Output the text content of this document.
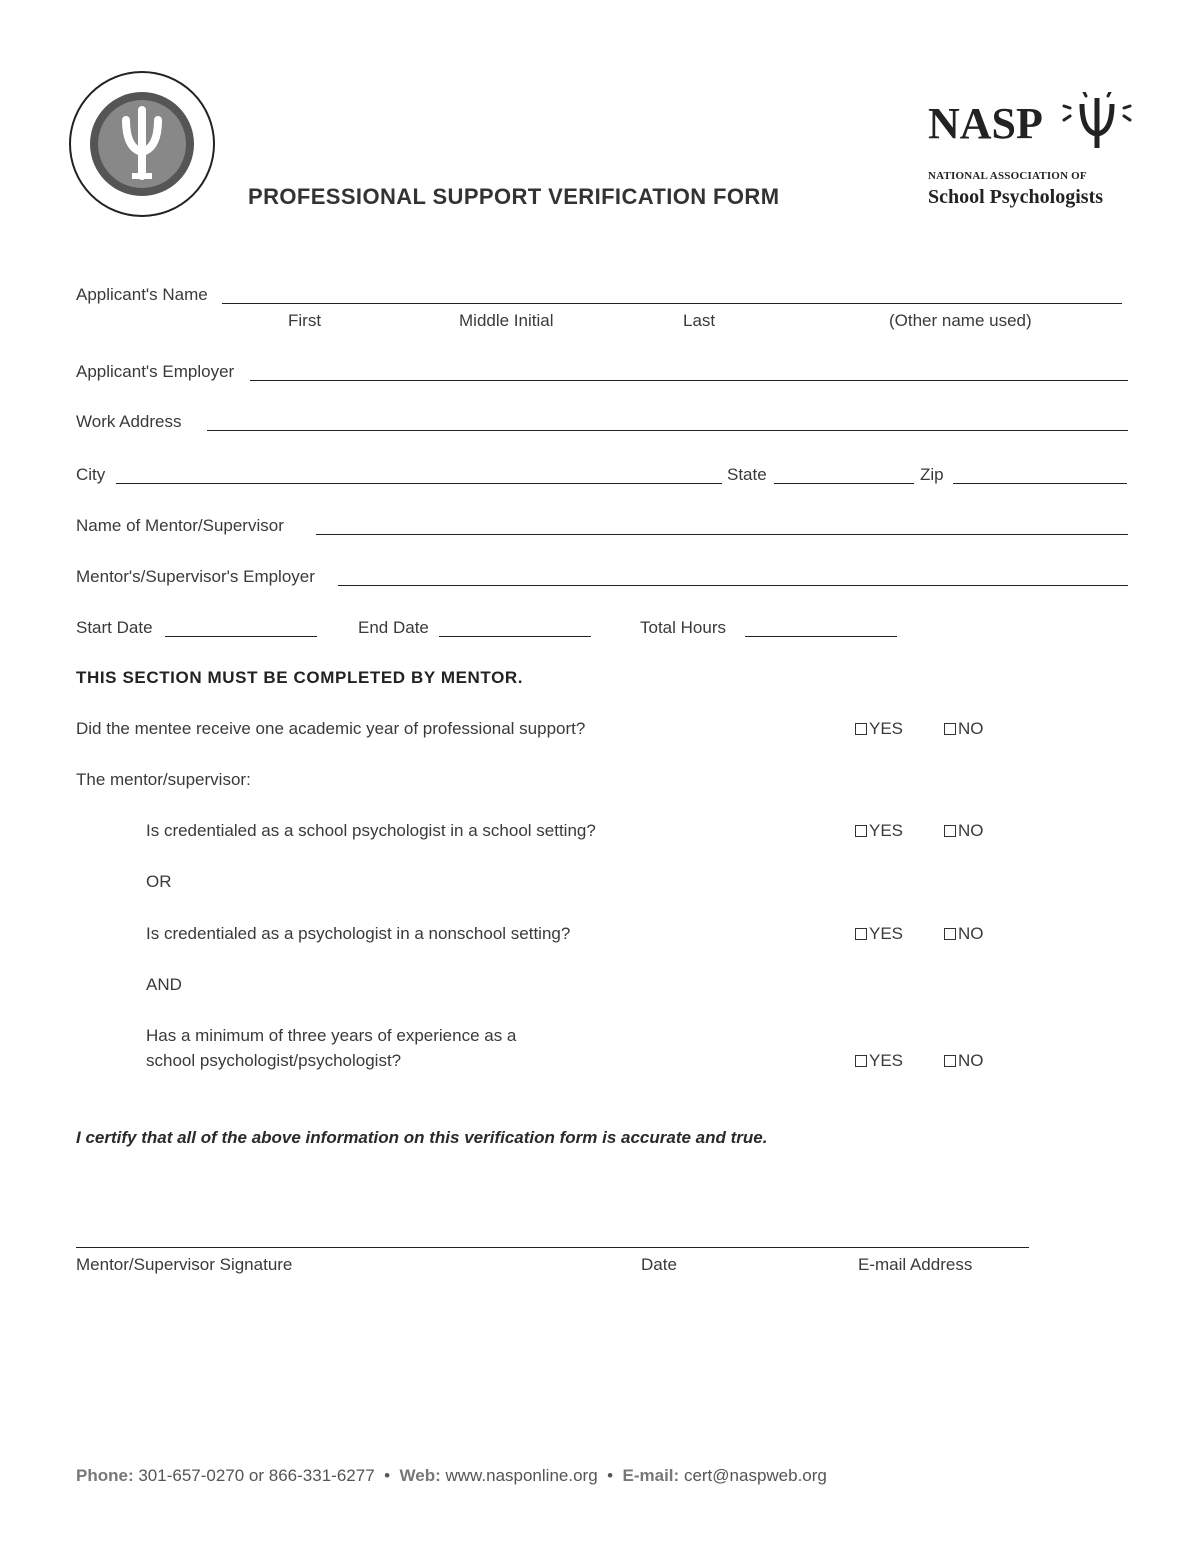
PROFESSIONAL SUPPORT VERIFICATION FORM
NASP
NATIONAL ASSOCIATION OF
School Psychologists
Applicant's Name
First	Middle Initial	Last	(Other name used)
Applicant's Employer
Work Address
City	State	Zip
Name of Mentor/Supervisor
Mentor's/Supervisor's Employer
Start Date	End Date	Total Hours
THIS SECTION MUST BE COMPLETED BY MENTOR.
Did the mentee receive one academic year of professional support?	YES	NO
The mentor/supervisor:
Is credentialed as a school psychologist in a school setting?	YES	NO
OR
Is credentialed as a psychologist in a nonschool setting?	YES	NO
AND
Has a minimum of three years of experience as a
school psychologist/psychologist?	YES	NO
I certify that all of the above information on this verification form is accurate and true.
Mentor/Supervisor Signature	Date	E-mail Address
Phone: 301-657-0270 or 866-331-6277 • Web: www.nasponline.org • E-mail: cert@naspweb.org
